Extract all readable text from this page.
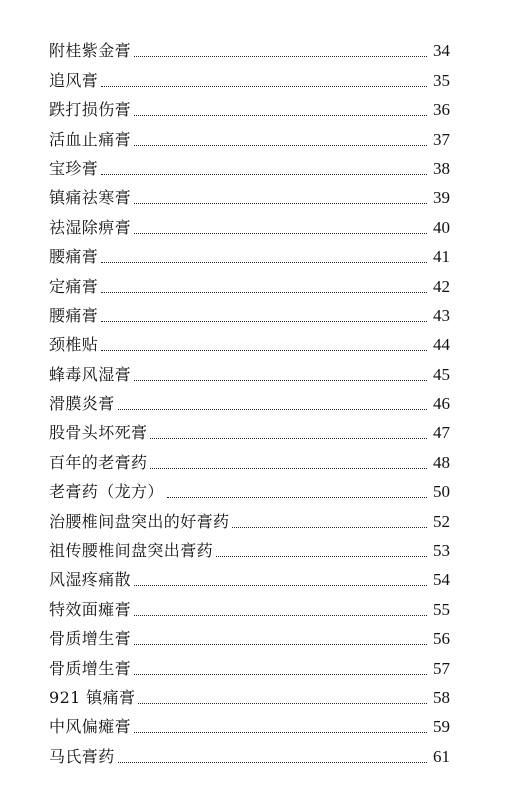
附桂紫金膏	34
追风膏	35
跌打损伤膏	36
活血止痛膏	37
宝珍膏	38
镇痛祛寒膏	39
祛湿除痹膏	40
腰痛膏	41
定痛膏	42
腰痛膏	43
颈椎贴	44
蜂毒风湿膏	45
滑膜炎膏	46
股骨头坏死膏	47
百年的老膏药	48
老膏药（龙方）	50
治腰椎间盘突出的好膏药	52
祖传腰椎间盘突出膏药	53
风湿疼痛散	54
特效面瘫膏	55
骨质增生膏	56
骨质增生膏	57
921 镇痛膏	58
中风偏瘫膏	59
马氏膏药	61
